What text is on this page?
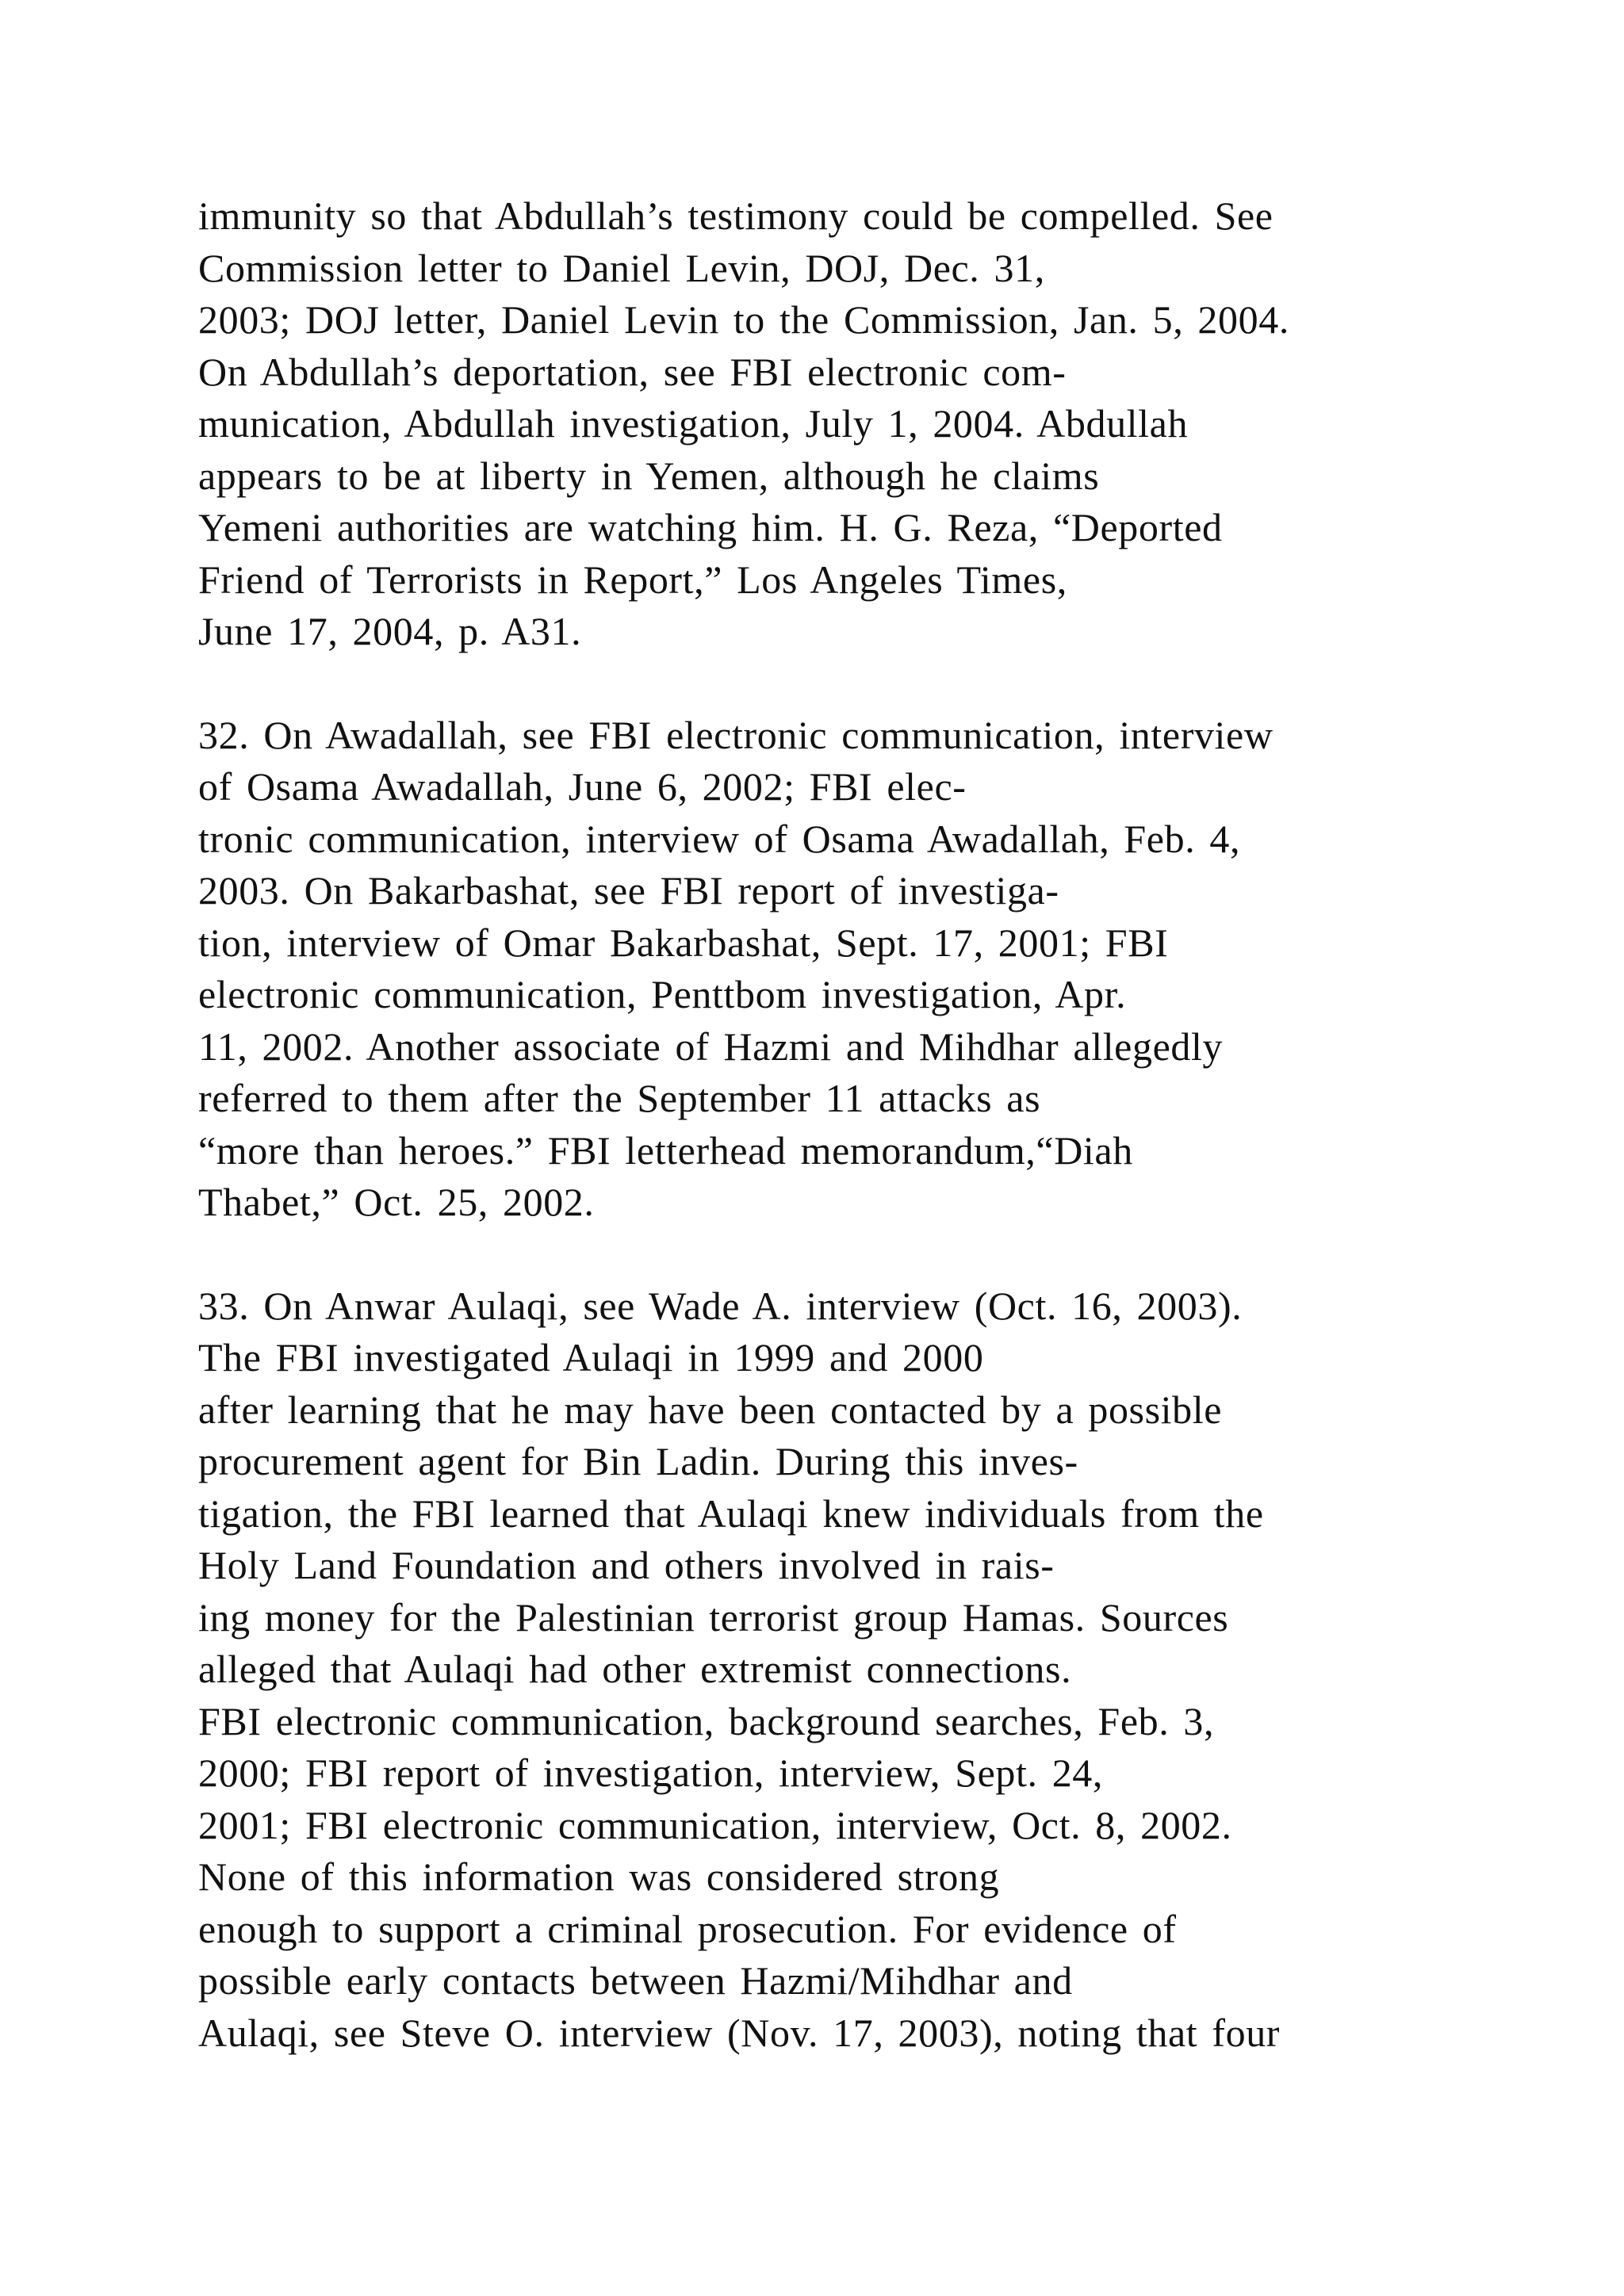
immunity so that Abdullah’s testimony could be compelled. See
Commission letter to Daniel Levin, DOJ, Dec. 31,
2003; DOJ letter, Daniel Levin to the Commission, Jan. 5, 2004.
On Abdullah’s deportation, see FBI electronic com-
munication, Abdullah investigation, July 1, 2004. Abdullah
appears to be at liberty in Yemen, although he claims
Yemeni authorities are watching him. H. G. Reza, “Deported
Friend of Terrorists in Report,” Los Angeles Times,
June 17, 2004, p. A31.
32. On Awadallah, see FBI electronic communication, interview
of Osama Awadallah, June 6, 2002; FBI elec-
tronic communication, interview of Osama Awadallah, Feb. 4,
2003. On Bakarbashat, see FBI report of investiga-
tion, interview of Omar Bakarbashat, Sept. 17, 2001; FBI
electronic communication, Penttbom investigation, Apr.
11, 2002. Another associate of Hazmi and Mihdhar allegedly
referred to them after the September 11 attacks as
“more than heroes.” FBI letterhead memorandum,“Diah
Thabet,” Oct. 25, 2002.
33. On Anwar Aulaqi, see Wade A. interview (Oct. 16, 2003).
The FBI investigated Aulaqi in 1999 and 2000
after learning that he may have been contacted by a possible
procurement agent for Bin Ladin. During this inves-
tigation, the FBI learned that Aulaqi knew individuals from the
Holy Land Foundation and others involved in rais-
ing money for the Palestinian terrorist group Hamas. Sources
alleged that Aulaqi had other extremist connections.
FBI electronic communication, background searches, Feb. 3,
2000; FBI report of investigation, interview, Sept. 24,
2001; FBI electronic communication, interview, Oct. 8, 2002.
None of this information was considered strong
enough to support a criminal prosecution. For evidence of
possible early contacts between Hazmi/Mihdhar and
Aulaqi, see Steve O. interview (Nov. 17, 2003), noting that four
